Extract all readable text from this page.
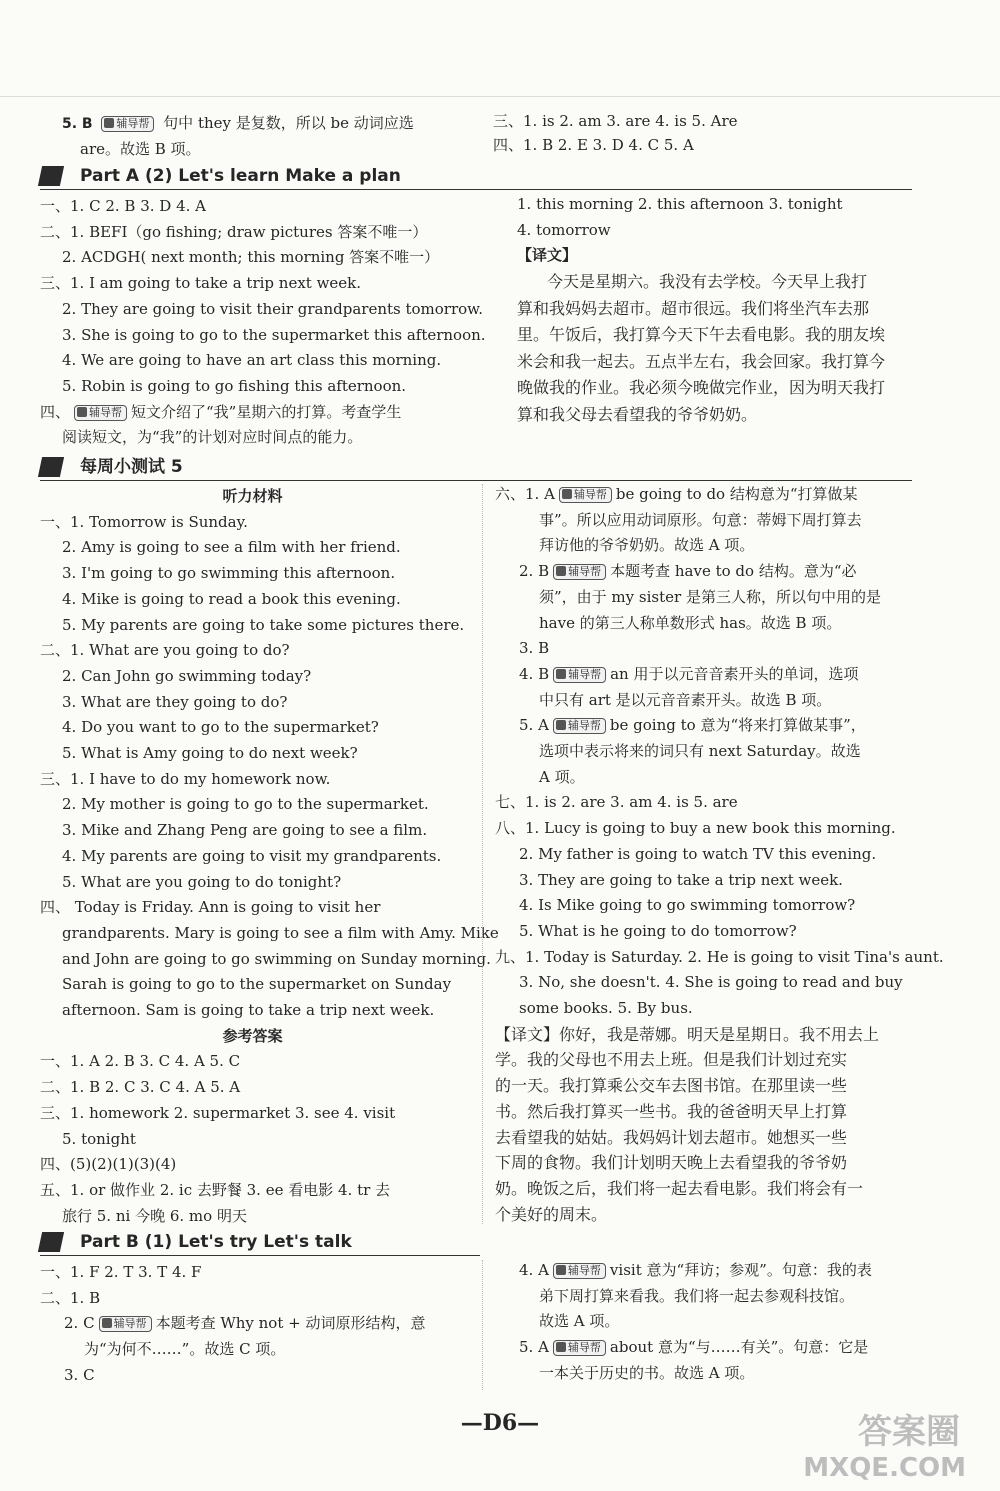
5. B 辅导帮 句中 they 是复数，所以 be 动词应选
are。故选 B 项。
三、1. is 2. am 3. are 4. is 5. Are
四、1. B 2. E 3. D 4. C 5. A
Part A (2) Let's learn Make a plan
一、1. C 2. B 3. D 4. A
二、1. BEFI（go fishing; draw pictures 答案不唯一）
2. ACDGH( next month; this morning 答案不唯一）
三、1. I am going to take a trip next week.
2. They are going to visit their grandparents tomorrow.
3. She is going to go to the supermarket this afternoon.
4. We are going to have an art class this morning.
5. Robin is going to go fishing this afternoon.
四、 辅导帮 短文介绍了“我”星期六的打算。考查学生
阅读短文，为“我”的计划对应时间点的能力。
1. this morning 2. this afternoon 3. tonight
4. tomorrow
【译文】
今天是星期六。我没有去学校。今天早上我打
算和我妈妈去超市。超市很远。我们将坐汽车去那
里。午饭后，我打算今天下午去看电影。我的朋友埃
米会和我一起去。五点半左右，我会回家。我打算今
晚做我的作业。我必须今晚做完作业，因为明天我打
算和我父母去看望我的爷爷奶奶。
每周小测试 5
听力材料
一、1. Tomorrow is Sunday.
2. Amy is going to see a film with her friend.
3. I'm going to go swimming this afternoon.
4. Mike is going to read a book this evening.
5. My parents are going to take some pictures there.
二、1. What are you going to do?
2. Can John go swimming today?
3. What are they going to do?
4. Do you want to go to the supermarket?
5. What is Amy going to do next week?
三、1. I have to do my homework now.
2. My mother is going to go to the supermarket.
3. Mike and Zhang Peng are going to see a film.
4. My parents are going to visit my grandparents.
5. What are you going to do tonight?
四、 Today is Friday. Ann is going to visit her
grandparents. Mary is going to see a film with Amy. Mike
and John are going to go swimming on Sunday morning.
Sarah is going to go to the supermarket on Sunday
afternoon. Sam is going to take a trip next week.
参考答案
一、1. A 2. B 3. C 4. A 5. C
二、1. B 2. C 3. C 4. A 5. A
三、1. homework 2. supermarket 3. see 4. visit
5. tonight
四、(5)(2)(1)(3)(4)
五、1. or 做作业 2. ic 去野餐 3. ee 看电影 4. tr 去
旅行 5. ni 今晚 6. mo 明天
六、1. A 辅导帮 be going to do 结构意为“打算做某
事”。所以应用动词原形。句意：蒂姆下周打算去
拜访他的爷爷奶奶。故选 A 项。
2. B 辅导帮 本题考查 have to do 结构。意为“必
须”，由于 my sister 是第三人称，所以句中用的是
have 的第三人称单数形式 has。故选 B 项。
3. B
4. B 辅导帮 an 用于以元音音素开头的单词，选项
中只有 art 是以元音音素开头。故选 B 项。
5. A 辅导帮 be going to 意为“将来打算做某事”，
选项中表示将来的词只有 next Saturday。故选
A 项。
七、1. is 2. are 3. am 4. is 5. are
八、1. Lucy is going to buy a new book this morning.
2. My father is going to watch TV this evening.
3. They are going to take a trip next week.
4. Is Mike going to go swimming tomorrow?
5. What is he going to do tomorrow?
九、1. Today is Saturday. 2. He is going to visit Tina's aunt.
3. No, she doesn't. 4. She is going to read and buy
some books. 5. By bus.
【译文】你好，我是蒂娜。明天是星期日。我不用去上
学。我的父母也不用去上班。但是我们计划过充实
的一天。我打算乘公交车去图书馆。在那里读一些
书。然后我打算买一些书。我的爸爸明天早上打算
去看望我的姑姑。我妈妈计划去超市。她想买一些
下周的食物。我们计划明天晚上去看望我的爷爷奶
奶。晚饭之后，我们将一起去看电影。我们将会有一
个美好的周末。
Part B (1) Let's try Let's talk
一、1. F 2. T 3. T 4. F
二、1. B
2. C 辅导帮 本题考查 Why not + 动词原形结构，意
为“为何不……”。故选 C 项。
3. C
4. A 辅导帮 visit 意为“拜访；参观”。句意：我的表
弟下周打算来看我。我们将一起去参观科技馆。
故选 A 项。
5. A 辅导帮 about 意为“与……有关”。句意：它是
一本关于历史的书。故选 A 项。
—D6—	答案圈
MXQE.COM
